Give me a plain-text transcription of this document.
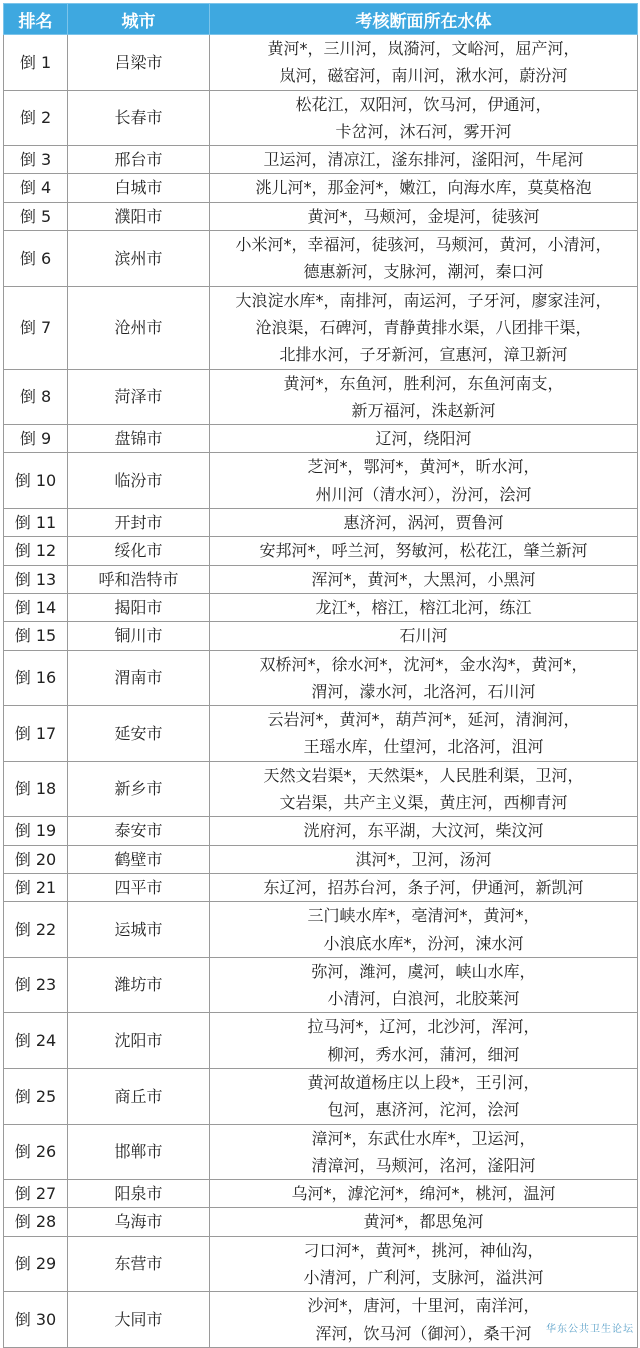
排名	城市	考核断面所在水体
倒 1	吕梁市	黄河*，三川河，岚漪河，文峪河，屈产河，
岚河，磁窑河，南川河，湫水河，蔚汾河

倒 2	长春市	松花江，双阳河，饮马河，伊通河，
卡岔河，沐石河，雾开河

倒 3	邢台市	卫运河，清凉江，滏东排河，滏阳河，牛尾河

倒 4	白城市	洮儿河*，那金河*，嫩江，向海水库，莫莫格泡

倒 5	濮阳市	黄河*，马颊河，金堤河，徒骇河

倒 6	滨州市	小米河*，幸福河，徒骇河，马颊河，黄河，小清河，
德惠新河，支脉河，潮河，秦口河

倒 7	沧州市	大浪淀水库*，南排河，南运河，子牙河，廖家洼河，
沧浪渠，石碑河，青静黄排水渠，八团排干渠，
北排水河，子牙新河，宣惠河，漳卫新河

倒 8	菏泽市	黄河*，东鱼河，胜利河，东鱼河南支，
新万福河，洙赵新河

倒 9	盘锦市	辽河，绕阳河

倒 10	临汾市	芝河*，鄂河*，黄河*，昕水河，
州川河（清水河），汾河，浍河

倒 11	开封市	惠济河，涡河，贾鲁河

倒 12	绥化市	安邦河*，呼兰河，努敏河，松花江，肇兰新河

倒 13	呼和浩特市	浑河*，黄河*，大黑河，小黑河

倒 14	揭阳市	龙江*，榕江，榕江北河，练江

倒 15	铜川市	石川河

倒 16	渭南市	双桥河*，徐水河*，沈河*，金水沟*，黄河*，
渭河，濛水河，北洛河，石川河

倒 17	延安市	云岩河*，黄河*，葫芦河*，延河，清涧河，
王瑶水库，仕望河，北洛河，沮河

倒 18	新乡市	天然文岩渠*，天然渠*，人民胜利渠，卫河，
文岩渠，共产主义渠，黄庄河，西柳青河

倒 19	泰安市	洸府河，东平湖，大汶河，柴汶河

倒 20	鹤壁市	淇河*，卫河，汤河

倒 21	四平市	东辽河，招苏台河，条子河，伊通河，新凯河

倒 22	运城市	三门峡水库*，亳清河*，黄河*，
小浪底水库*，汾河，涑水河

倒 23	潍坊市	弥河，潍河，虞河，峡山水库，
小清河，白浪河，北胶莱河

倒 24	沈阳市	拉马河*，辽河，北沙河，浑河，
柳河，秀水河，蒲河，细河

倒 25	商丘市	黄河故道杨庄以上段*，王引河，
包河，惠济河，沱河，浍河

倒 26	邯郸市	漳河*，东武仕水库*，卫运河，
清漳河，马颊河，洺河，滏阳河

倒 27	阳泉市	乌河*，滹沱河*，绵河*，桃河，温河

倒 28	乌海市	黄河*，都思兔河

倒 29	东营市	刁口河*，黄河*，挑河，神仙沟，
小清河，广利河，支脉河，溢洪河

倒 30	大同市	沙河*，唐河，十里河，南洋河，
浑河，饮马河（御河），桑干河	华东公共卫生论坛
